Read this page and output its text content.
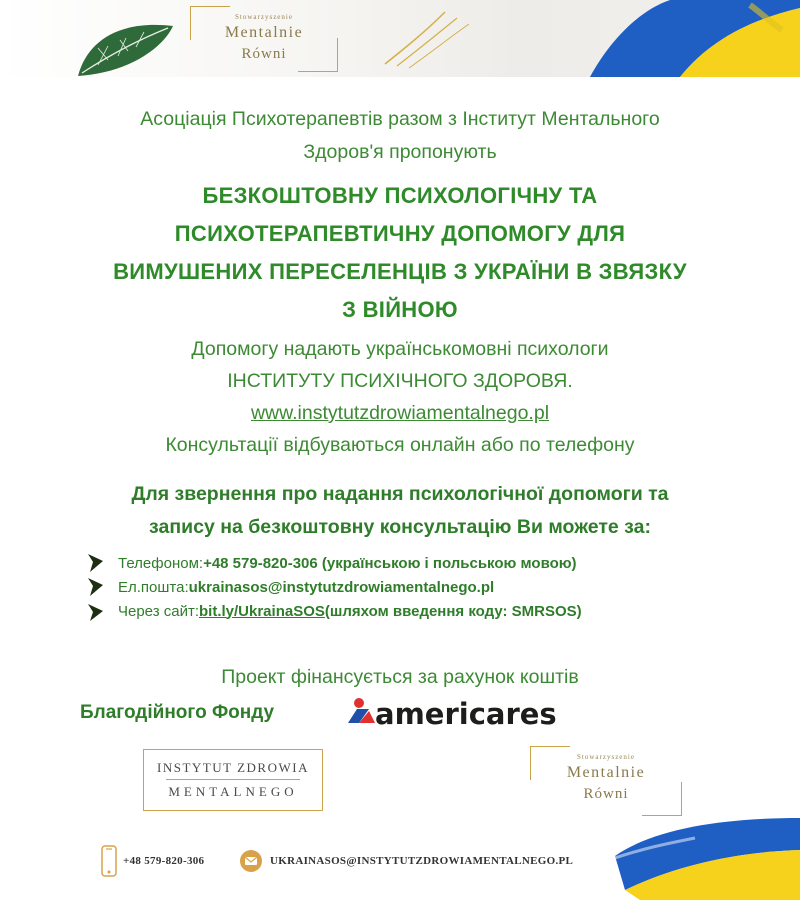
Stowarzyszenie
Mentalnie
Równi
Асоціація Психотерапевтів разом з Інститут Ментального
Здоров'я пропонують
БЕЗКОШТОВНУ ПСИХОЛОГІЧНУ ТА
ПСИХОТЕРАПЕВТИЧНУ ДОПОМОГУ ДЛЯ
ВИМУШЕНИХ ПЕРЕСЕЛЕНЦІВ З УКРАЇНИ В ЗВЯЗКУ
З ВІЙНОЮ
Допомогу надають українськомовні психологи
ІНСТИТУТУ ПСИХІЧНОГО ЗДОРОВЯ.
www.instytutzdrowiamentalnego.pl
Консультації відбуваються онлайн або по телефону
Для звернення про надання психологічної допомоги та
запису на безкоштовну консультацію Ви можете за:
Телефоном: +48 579-820-306 (українською і польською мовою)
Ел.пошта: ukrainasos@instytutzdrowiamentalnego.pl
Через сайт: bit.ly/UkrainaSOS (шляхом введення коду: SMRSOS)
Проект фінансується за рахунок коштів
Благодійного Фонду	americares
INSTYTUT ZDROWIA
MENTALNEGO
Stowarzyszenie
Mentalnie
Równi
+48 579-820-306	UKRAINASOS@INSTYTUTZDROWIAMENTALNEGO.PL
